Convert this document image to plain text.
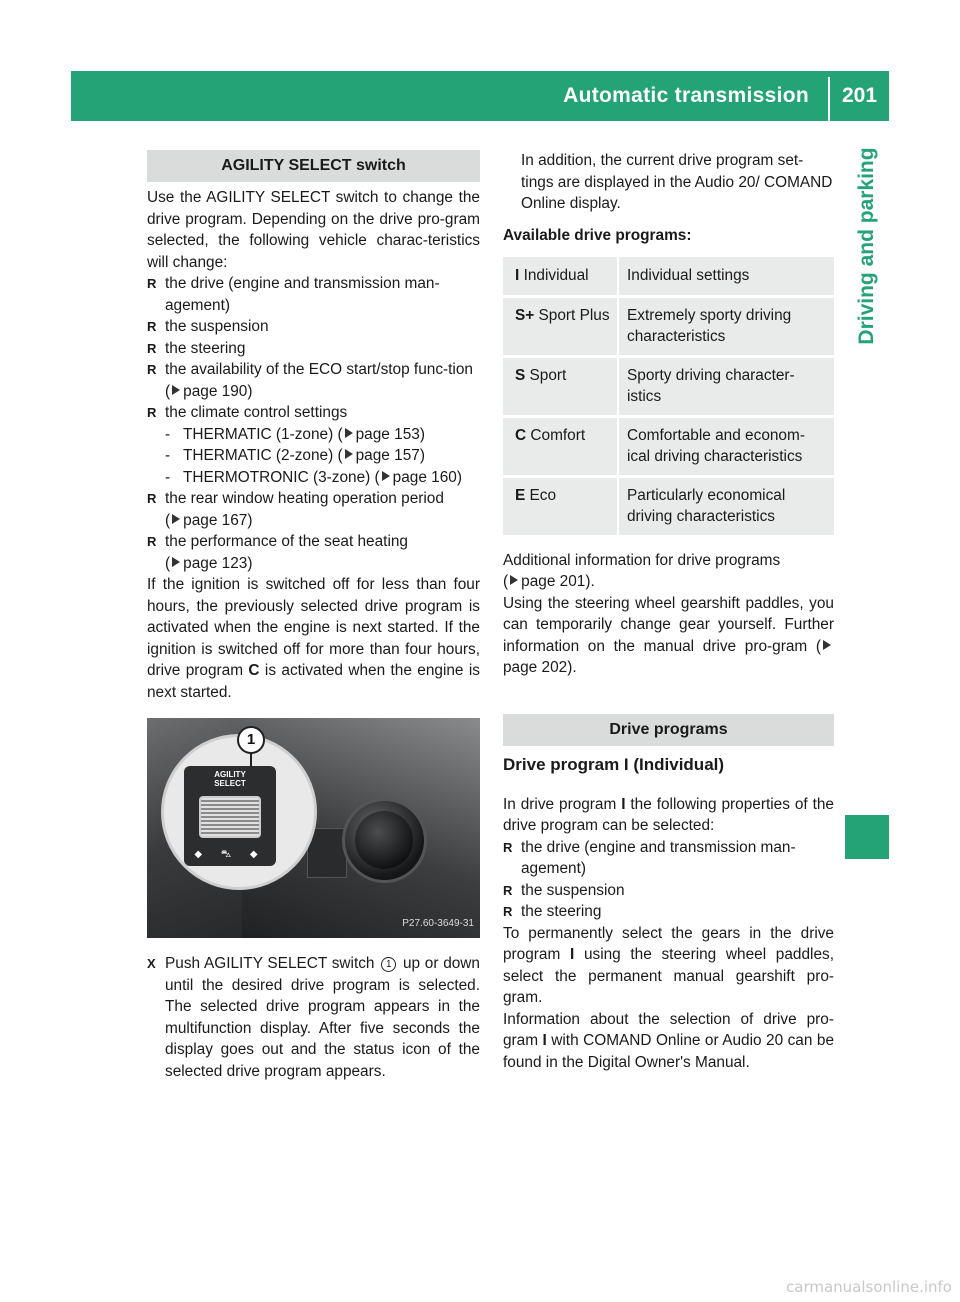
Automatic transmission	201
Driving and parking
AGILITY SELECT switch

Use the AGILITY SELECT switch to change the drive program. Depending on the drive pro-gram selected, the following vehicle charac-teristics will change:

R the drive (engine and transmission man-agement)

R the suspension

R the steering

R the availability of the ECO start/stop func-tion ( page 190)

R the climate control settings

- THERMATIC (1-zone) ( page 153)

- THERMATIC (2-zone) ( page 157)

- THERMOTRONIC (3-zone) ( page 160)

R the rear window heating operation period
( page 167)

R the performance of the seat heating
( page 123)

If the ignition is switched off for less than four hours, the previously selected drive program is activated when the engine is next started. If the ignition is switched off for more than four hours, drive program C is activated when the engine is next started.

AGILITY
SELECT
◆ ⛍ ◆
1
P27.60-3649-31

X Push AGILITY SELECT switch 1 up or down until the desired drive program is selected. The selected drive program appears in the multifunction display. After five seconds the display goes out and the status icon of the selected drive program appears.

In addition, the current drive program set-tings are displayed in the Audio 20/ COMAND Online display.

Available drive programs:

I Individual	Individual settings
S+ Sport Plus	Extremely sporty driving characteristics
S Sport	Sporty driving character-istics
C Comfort	Comfortable and econom-ical driving characteristics
E Eco	Particularly economical driving characteristics

Additional information for drive programs
( page 201).

Using the steering wheel gearshift paddles, you can temporarily change gear yourself. Further information on the manual drive pro-gram (page 202).

Drive programs

Drive program I (Individual)

In drive program I the following properties of the drive program can be selected:

R the drive (engine and transmission man-agement)

R the suspension

R the steering

To permanently select the gears in the drive program I using the steering wheel paddles, select the permanent manual gearshift pro-gram.

Information about the selection of drive pro-gram I with COMAND Online or Audio 20 can be found in the Digital Owner's Manual.

carmanualsonline.info
